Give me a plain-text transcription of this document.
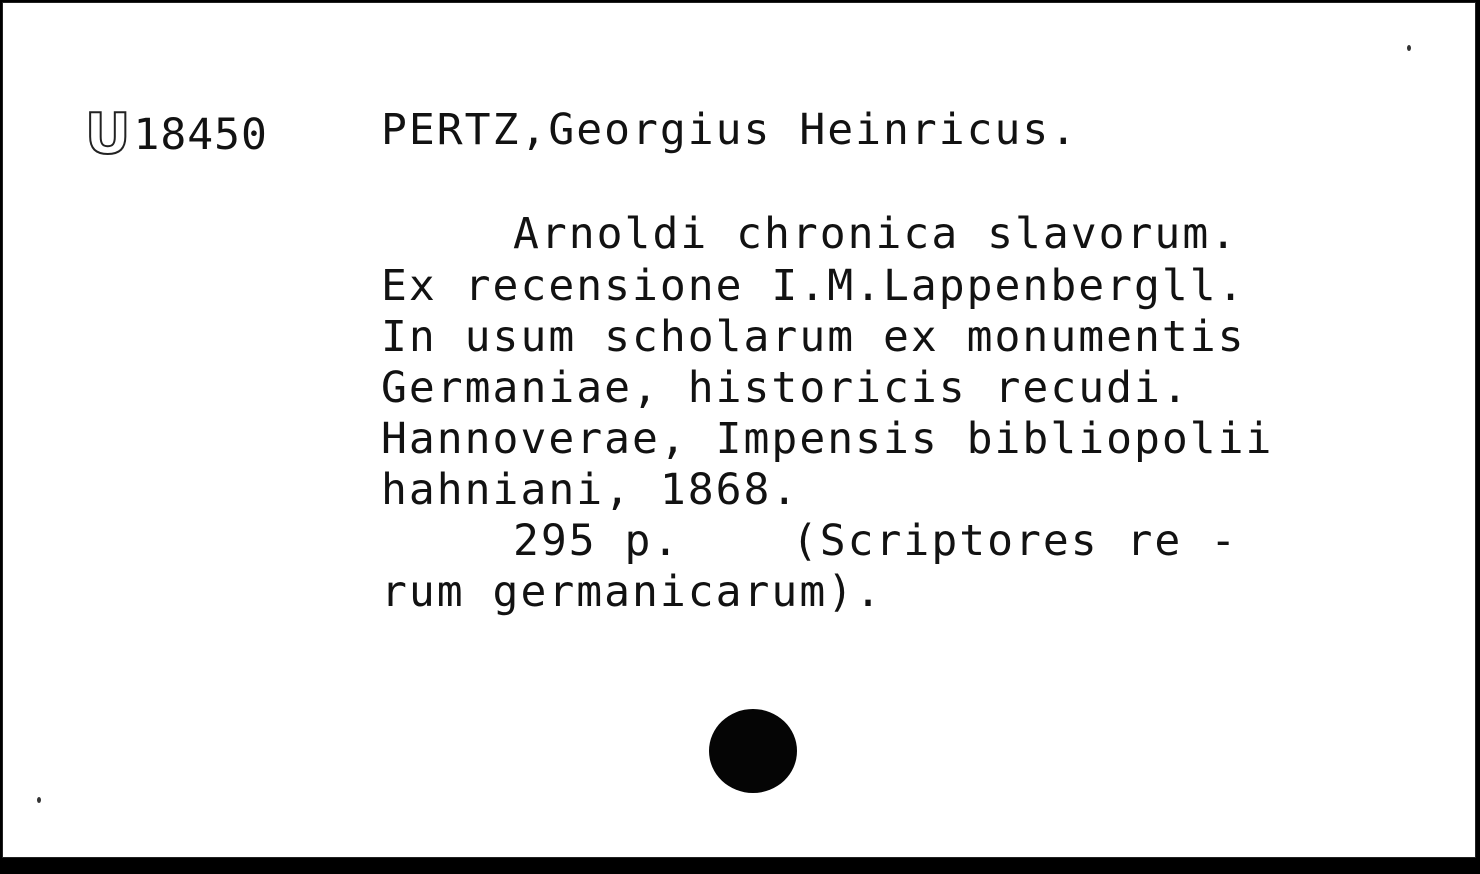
U18450	PERTZ,Georgius Heinricus.
Arnoldi chronica slavorum.
Ex recensione I.M.Lappenbergll.
In usum scholarum ex monumentis
Germaniae, historicis recudi.
Hannoverae, Impensis bibliopolii
hahniani, 1868.
295 p.    (Scriptores re -
rum germanicarum).
